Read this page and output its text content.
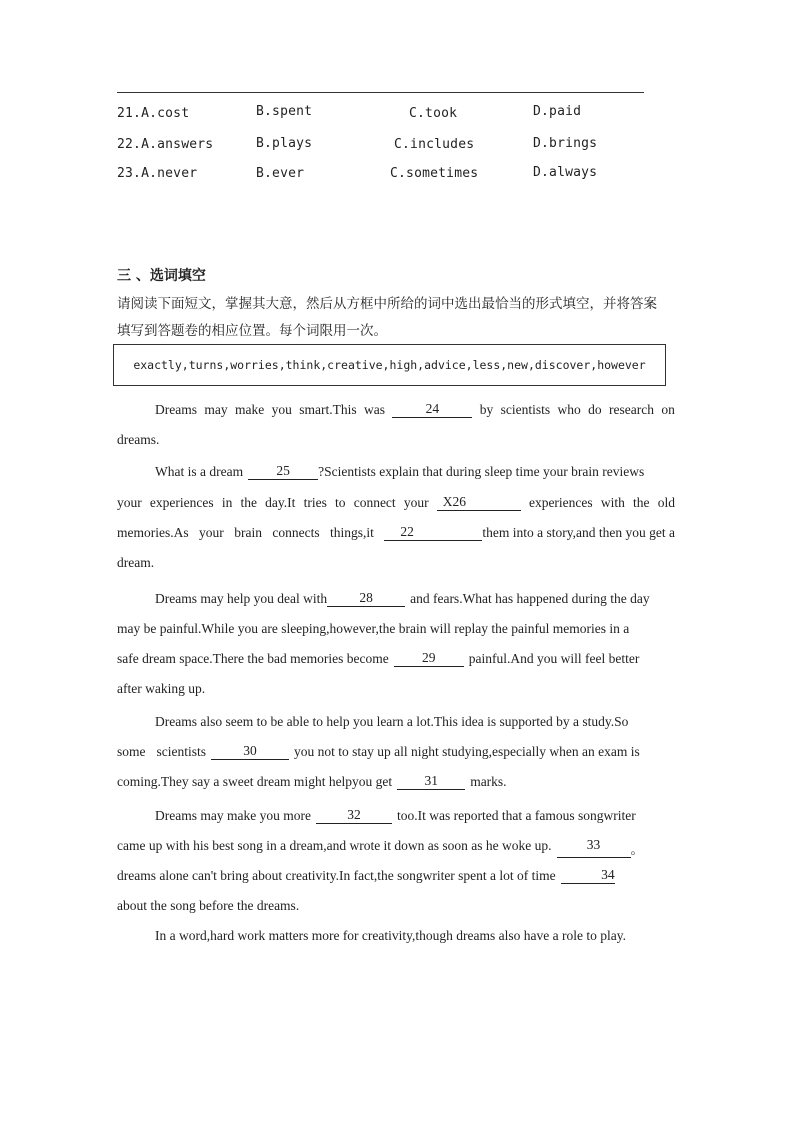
21.A.cost	B.spent	C.took	D.paid
22.A.answers	B.plays	C.includes	D.brings
23.A.never	B.ever	C.sometimes	D.always
三 、选词填空
请阅读下面短文，掌握其大意，然后从方框中所给的词中选出最恰当的形式填空，并将答案
填写到答题卷的相应位置。每个词限用一次。
exactly,turns,worries,think,creative,high,advice,less,new,discover,however
Dreams may make you smart.This was	24	by scientists who do research on
dreams.
What is a dream	25	?Scientists explain that during sleep time your brain reviews
your experiences in the day.It tries to connect your	X26	experiences with the old
memories.As your brain connects things,it	22	them into a story,and then you get a
dream.
Dreams may help you deal with	28	and fears.What has happened during the day
may be painful.While you are sleeping,however,the brain will replay the painful memories in a
safe dream space.There the bad memories become	29	painful.And you will feel better
after waking up.
Dreams also seem to be able to help you learn a lot.This idea is supported by a study.So
some scientists	30	you not to stay up all night studying,especially when an exam is
coming.They say a sweet dream might helpyou get	31	marks.
Dreams may make you more	32	too.It was reported that a famous songwriter
came up with his best song in a dream,and wrote it down as soon as he woke up.	33	。
dreams alone can't bring about creativity.In fact,the songwriter spent a lot of time	34
about the song before the dreams.
In a word,hard work matters more for creativity,though dreams also have a role to play.
